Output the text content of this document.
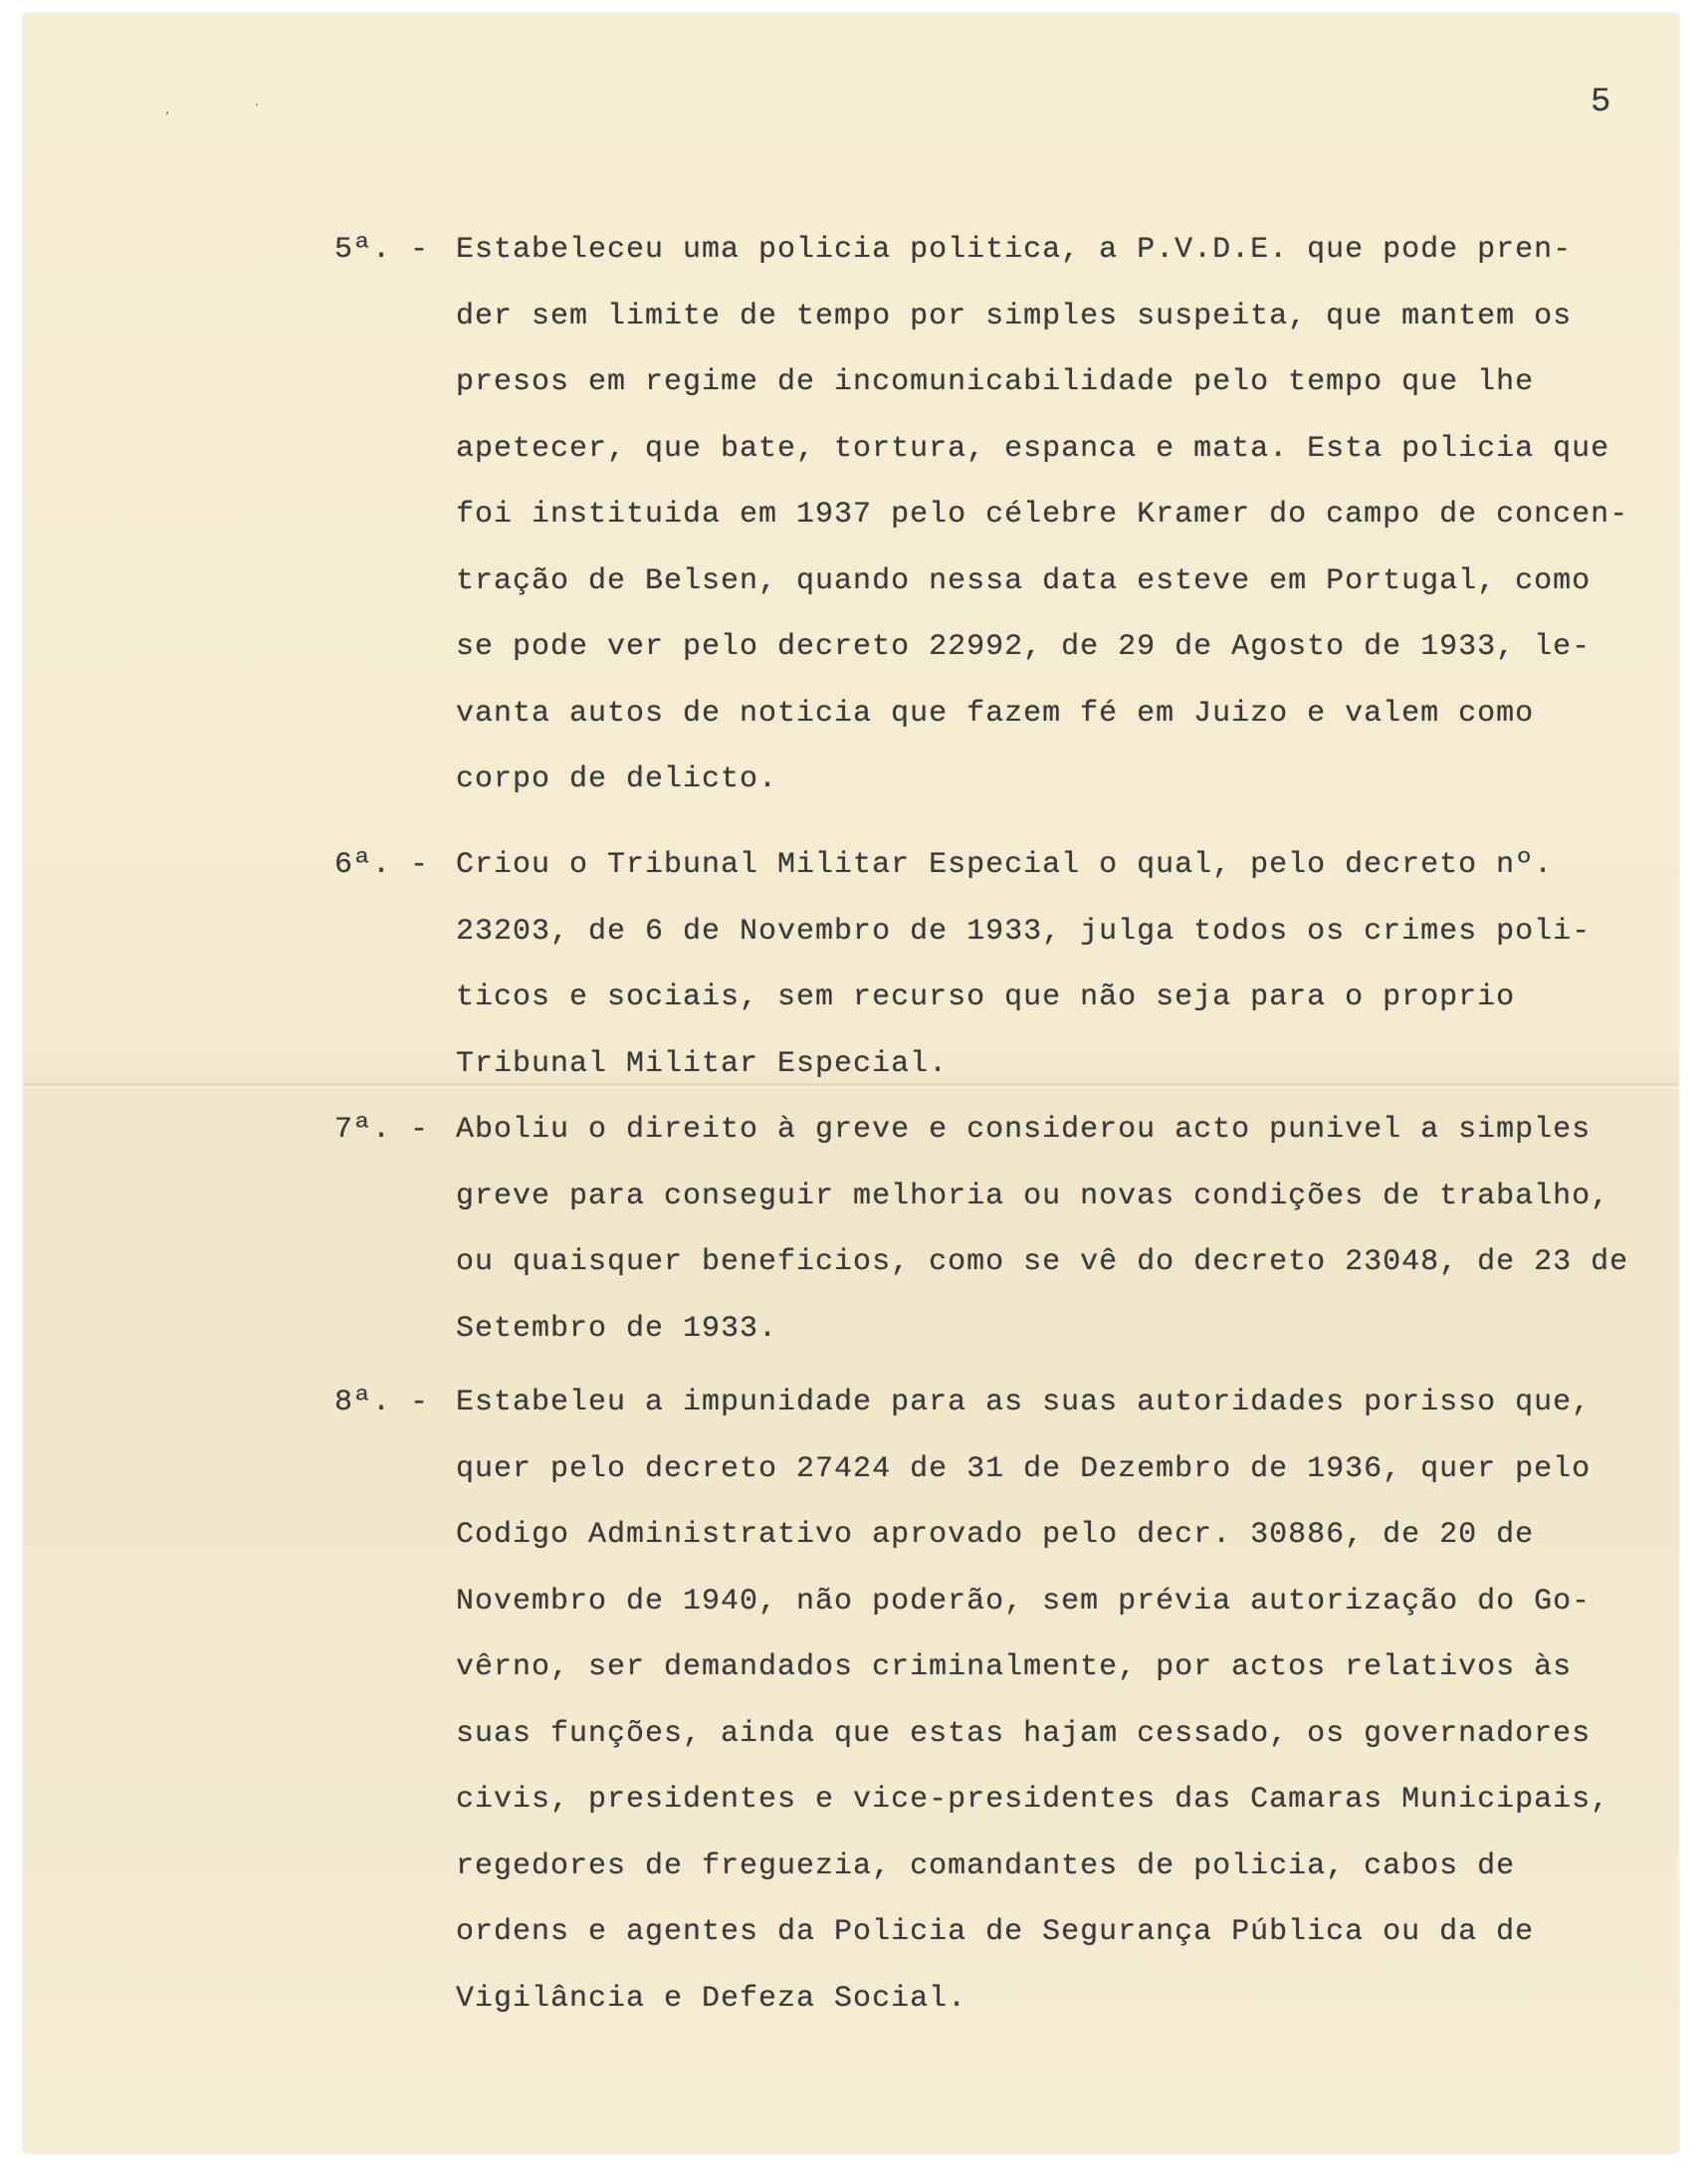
,	.	5
5ª. - Estabeleceu uma policia politica, a P.V.D.E. que pode pren-
der sem limite de tempo por simples suspeita, que mantem os
presos em regime de incomunicabilidade pelo tempo que lhe
apetecer, que bate, tortura, espanca e mata. Esta policia que
foi instituida em 1937 pelo célebre Kramer do campo de concen-
tração de Belsen, quando nessa data esteve em Portugal, como
se pode ver pelo decreto 22992, de 29 de Agosto de 1933, le-
vanta autos de noticia que fazem fé em Juizo e valem como
corpo de delicto.
6ª. - Criou o Tribunal Militar Especial o qual, pelo decreto nº.
23203, de 6 de Novembro de 1933, julga todos os crimes poli-
ticos e sociais, sem recurso que não seja para o proprio
Tribunal Militar Especial.
7ª. - Aboliu o direito à greve e considerou acto punivel a simples
greve para conseguir melhoria ou novas condições de trabalho,
ou quaisquer beneficios, como se vê do decreto 23048, de 23 de
Setembro de 1933.
8ª. - Estabeleu a impunidade para as suas autoridades porisso que,
quer pelo decreto 27424 de 31 de Dezembro de 1936, quer pelo
Codigo Administrativo aprovado pelo decr. 30886, de 20 de
Novembro de 1940, não poderão, sem prévia autorização do Go-
vêrno, ser demandados criminalmente, por actos relativos às
suas funções, ainda que estas hajam cessado, os governadores
civis, presidentes e vice-presidentes das Camaras Municipais,
regedores de freguezia, comandantes de policia, cabos de
ordens e agentes da Policia de Segurança Pública ou da de
Vigilância e Defeza Social.
